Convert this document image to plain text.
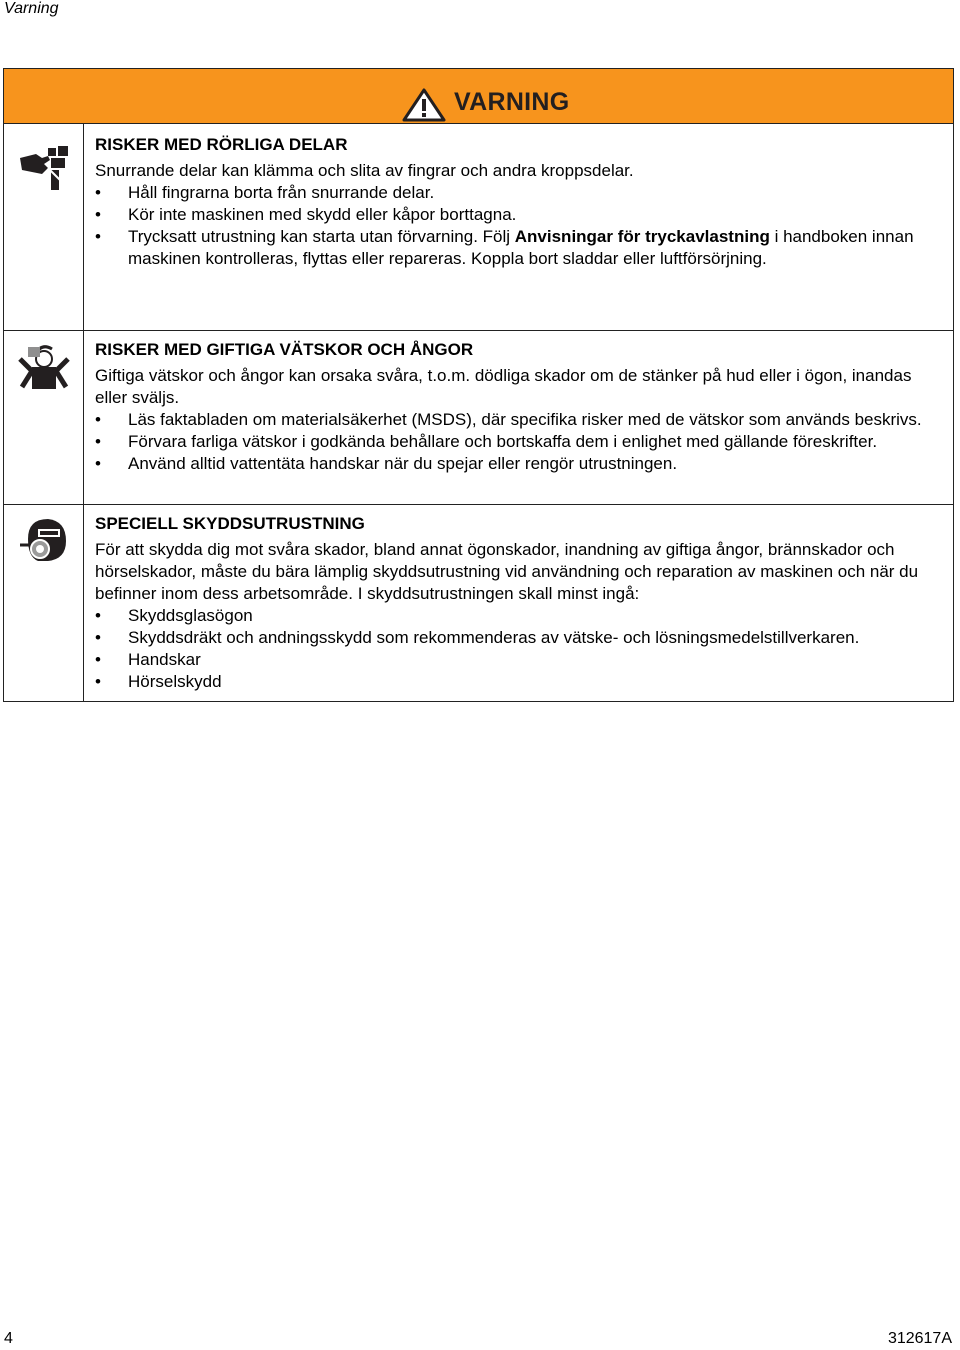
Varning
VARNING
RISKER MED RÖRLIGA DELAR
Snurrande delar kan klämma och slita av fingrar och andra kroppsdelar.
• Håll fingrarna borta från snurrande delar.
• Kör inte maskinen med skydd eller kåpor borttagna.
• Trycksatt utrustning kan starta utan förvarning. Följ Anvisningar för tryckavlastning i handboken innan maskinen kontrolleras, flyttas eller repareras. Koppla bort sladdar eller luftförsörjning.
RISKER MED GIFTIGA VÄTSKOR OCH ÅNGOR
Giftiga vätskor och ångor kan orsaka svåra, t.o.m. dödliga skador om de stänker på hud eller i ögon, inandas eller sväljs.
• Läs faktabladen om materialsäkerhet (MSDS), där specifika risker med de vätskor som används beskrivs.
• Förvara farliga vätskor i godkända behållare och bortskaffa dem i enlighet med gällande föreskrifter.
• Använd alltid vattentäta handskar när du spejar eller rengör utrustningen.
SPECIELL SKYDDSUTRUSTNING
För att skydda dig mot svåra skador, bland annat ögonskador, inandning av giftiga ångor, brännskador och hörselskador, måste du bära lämplig skyddsutrustning vid användning och reparation av maskinen och när du befinner inom dess arbetsområde. I skyddsutrustningen skall minst ingå:
• Skyddsglasögon
• Skyddsdräkt och andningsskydd som rekommenderas av vätske- och lösningsmedelstillverkaren.
• Handskar
• Hörselskydd
4	312617A
